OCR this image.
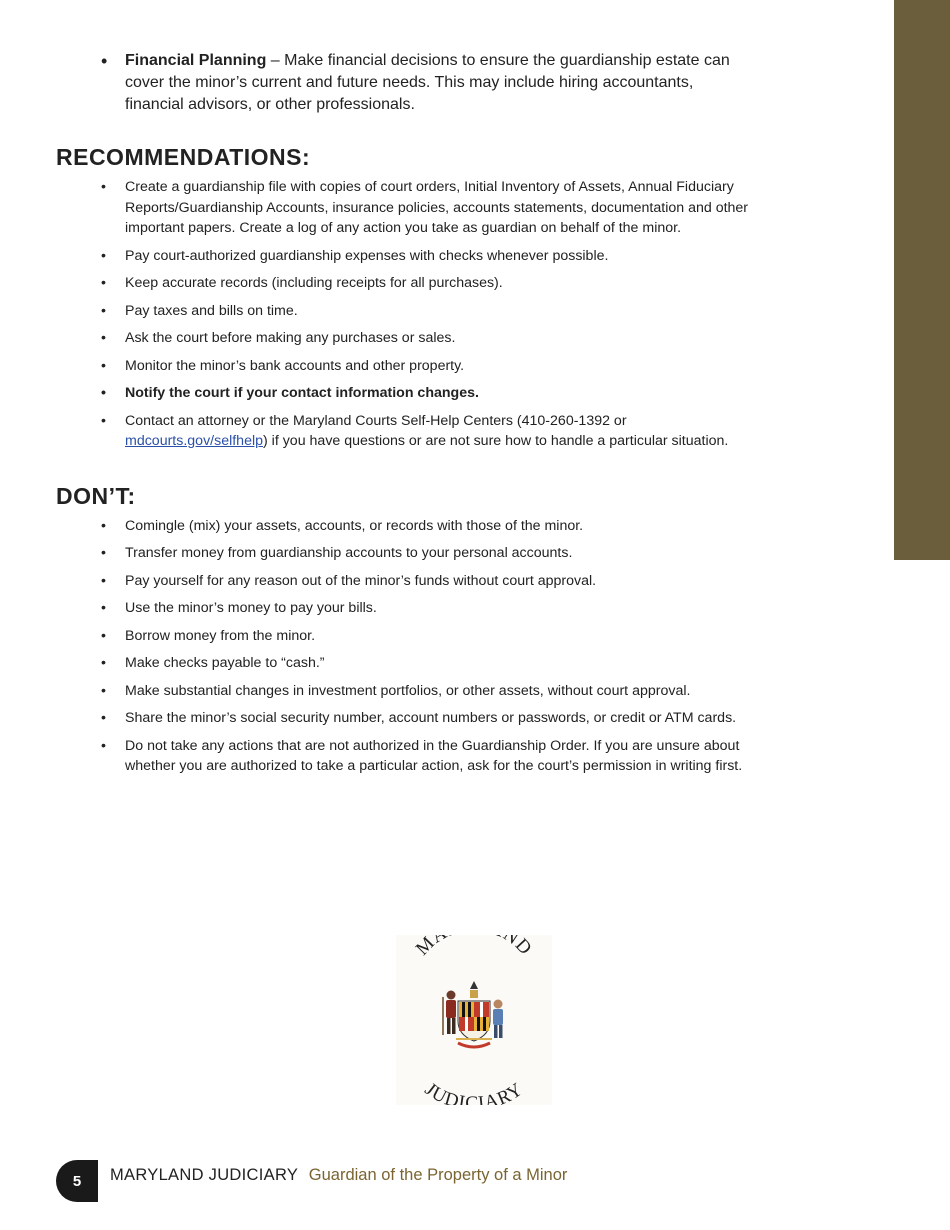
•	Financial Planning – Make financial decisions to ensure the guardianship estate can cover the minor’s current and future needs. This may include hiring accountants, financial advisors, or other professionals.
RECOMMENDATIONS:
•	Create a guardianship file with copies of court orders, Initial Inventory of Assets, Annual Fiduciary Reports/Guardianship Accounts, insurance policies, accounts statements, documentation and other important papers. Create a log of any action you take as guardian on behalf of the minor.
•	Pay court-authorized guardianship expenses with checks whenever possible.
•	Keep accurate records (including receipts for all purchases).
•	Pay taxes and bills on time.
•	Ask the court before making any purchases or sales.
•	Monitor the minor’s bank accounts and other property.
•	Notify the court if your contact information changes.
•	Contact an attorney or the Maryland Courts Self-Help Centers (410-260-1392 or mdcourts.gov/selfhelp) if you have questions or are not sure how to handle a particular situation.
DON’T:
•	Comingle (mix) your assets, accounts, or records with those of the minor.
•	Transfer money from guardianship accounts to your personal accounts.
•	Pay yourself for any reason out of the minor’s funds without court approval.
•	Use the minor’s money to pay your bills.
•	Borrow money from the minor.
•	Make checks payable to “cash.”
•	Make substantial changes in investment portfolios, or other assets, without court approval.
•	Share the minor’s social security number, account numbers or passwords, or credit or ATM cards.
•	Do not take any actions that are not authorized in the Guardianship Order. If you are unsure about whether you are authorized to take a particular action, ask for the court’s permission in writing first.
M ND
JUDICIARY
5 MARYLAND JUDICIARY Guardian of the Property of a Minor
